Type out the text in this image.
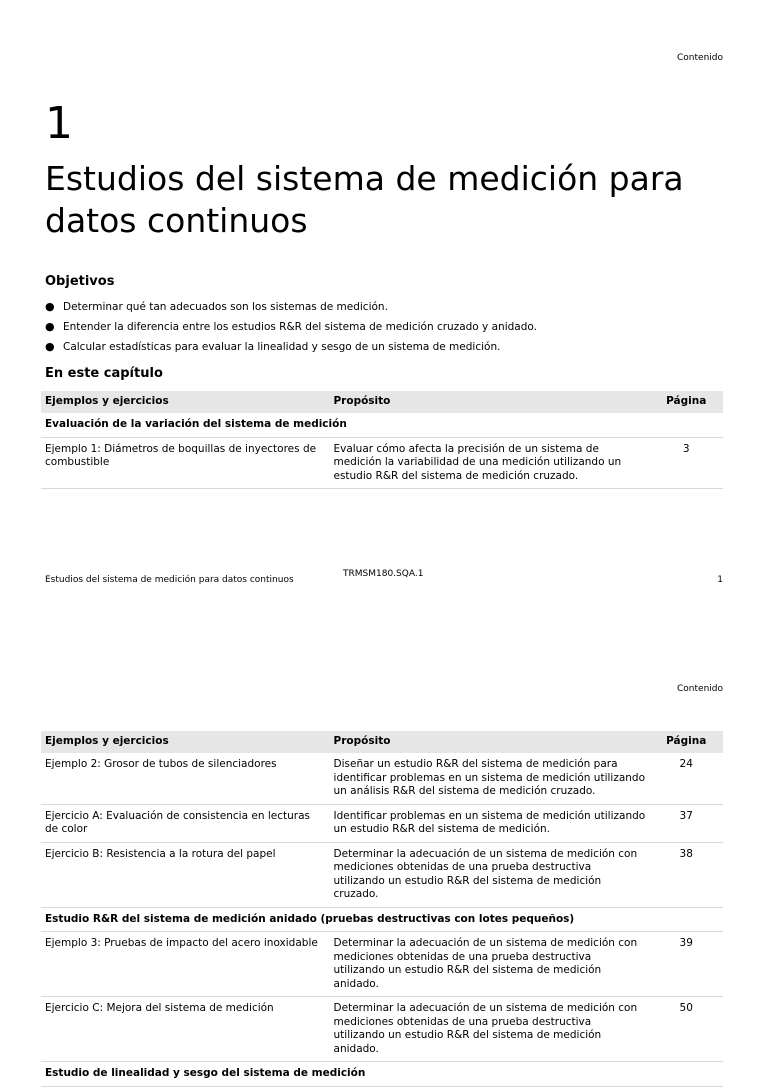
Contenido
1
Estudios del sistema de medición para datos continuos
Objetivos
● Determinar qué tan adecuados son los sistemas de medición.
● Entender la diferencia entre los estudios R&R del sistema de medición cruzado y anidado.
● Calcular estadísticas para evaluar la linealidad y sesgo de un sistema de medición.
En este capítulo
Ejemplos y ejercicios	Propósito	Página
Evaluación de la variación del sistema de medición		
Ejemplo 1: Diámetros de boquillas de inyectores de combustible	Evaluar cómo afecta la precisión de un sistema de medición la variabilidad de una medición utilizando un estudio R&R del sistema de medición cruzado.	3
Estudios del sistema de medición para datos continuos
TRMSM180.SQA.1
1
Contenido
Ejemplos y ejercicios	Propósito	Página
Ejemplo 2: Grosor de tubos de silenciadores	Diseñar un estudio R&R del sistema de medición para identificar problemas en un sistema de medición utilizando un análisis R&R del sistema de medición cruzado.	24
Ejercicio A: Evaluación de consistencia en lecturas de color	Identificar problemas en un sistema de medición utilizando un estudio R&R del sistema de medición.	37
Ejercicio B: Resistencia a la rotura del papel	Determinar la adecuación de un sistema de medición con mediciones obtenidas de una prueba destructiva utilizando un estudio R&R del sistema de medición cruzado.	38
Estudio R&R del sistema de medición anidado (pruebas destructivas con lotes pequeños)		
Ejemplo 3: Pruebas de impacto del acero inoxidable	Determinar la adecuación de un sistema de medición con mediciones obtenidas de una prueba destructiva utilizando un estudio R&R del sistema de medición anidado.	39
Ejercicio C: Mejora del sistema de medición	Determinar la adecuación de un sistema de medición con mediciones obtenidas de una prueba destructiva utilizando un estudio R&R del sistema de medición anidado.	50
Estudio de linealidad y sesgo del sistema de medición		
